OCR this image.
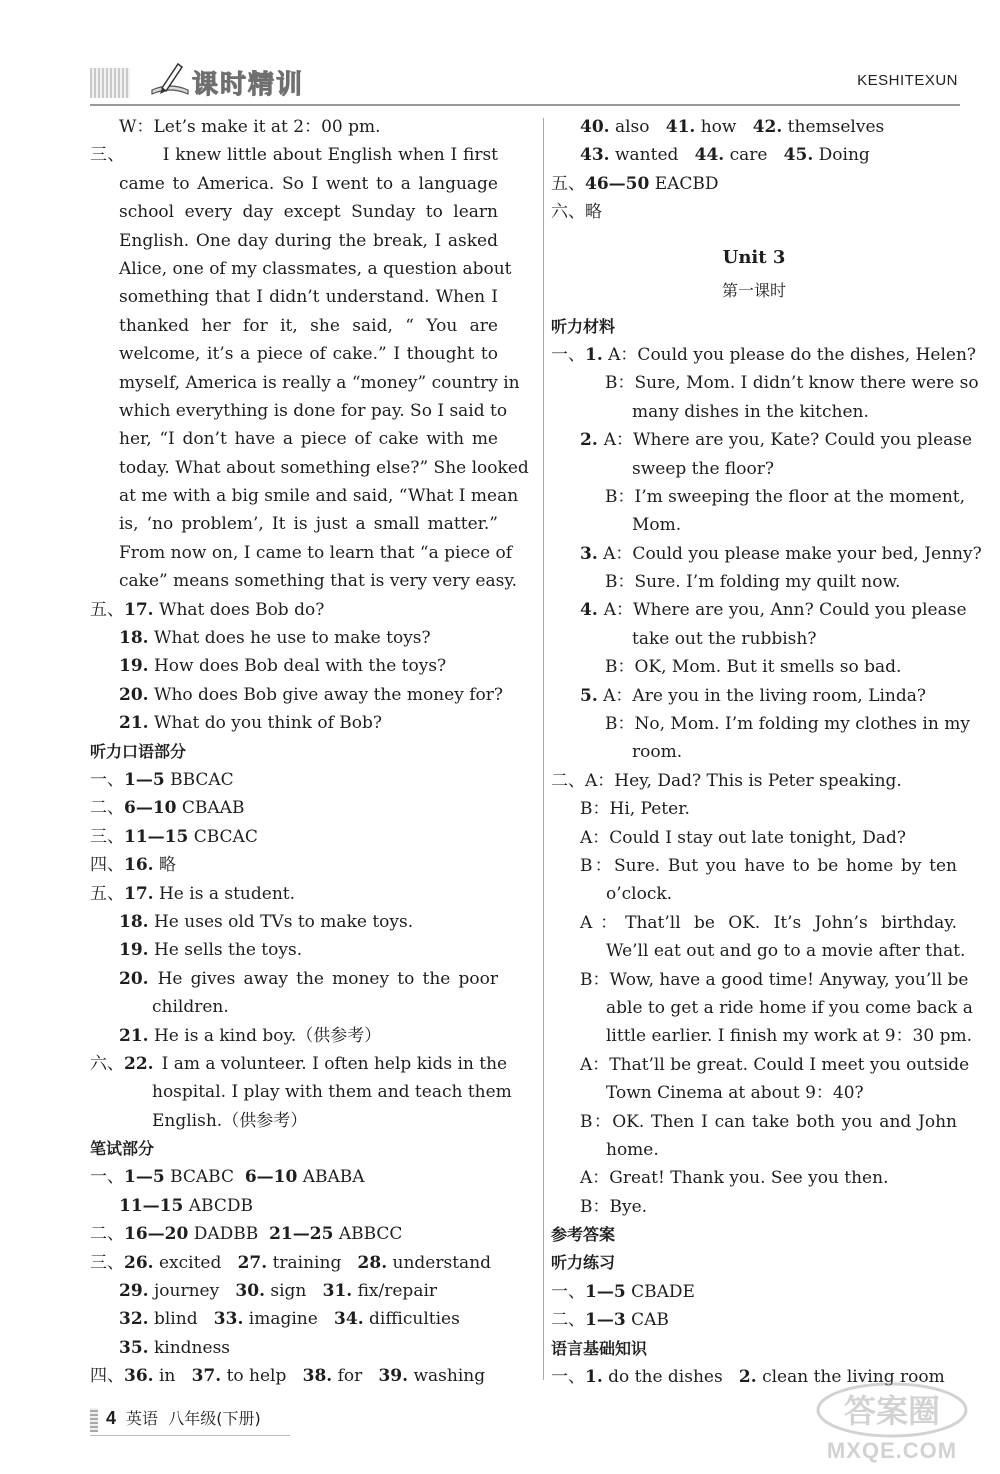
课时精训	KESHITEXUN
W：Let’s make it at 2：00 pm.
三、 I knew little about English when I first
came to America. So I went to a language
school every day except Sunday to learn
English. One day during the break, I asked
Alice, one of my classmates, a question about
something that I didn’t understand. When I
thanked her for it, she said, “ You are
welcome, it’s a piece of cake.” I thought to
myself, America is really a “money” country in
which everything is done for pay. So I said to
her, “I don’t have a piece of cake with me
today. What about something else?” She looked
at me with a big smile and said, “What I mean
is, ‘no problem’, It is just a small matter.”
From now on, I came to learn that “a piece of
cake” means something that is very very easy.
五、17. What does Bob do?
18. What does he use to make toys?
19. How does Bob deal with the toys?
20. Who does Bob give away the money for?
21. What do you think of Bob?
听力口语部分
一、1—5 BBCAC
二、6—10 CBAAB
三、11—15 CBCAC
四、16. 略
五、17. He is a student.
18. He uses old TVs to make toys.
19. He sells the toys.
20. He gives away the money to the poor
children.
21. He is a kind boy.（供参考）
六、 22. I am a volunteer. I often help kids in the
hospital. I play with them and teach them
English.（供参考）
笔试部分
一、1—5 BCABC 6—10 ABABA
11—15 ABCDB
二、16—20 DADBB 21—25 ABBCC
三、26. excited 27. training 28. understand
29. journey 30. sign 31. fix/repair
32. blind 33. imagine 34. difficulties
35. kindness
四、36. in 37. to help 38. for 39. washing
40. also 41. how 42. themselves
43. wanted 44. care 45. Doing
五、46—50 EACBD
六、略
Unit 3
第一课时
听力材料
一、1. A：Could you please do the dishes, Helen?
B：Sure, Mom. I didn’t know there were so
many dishes in the kitchen.
2. A：Where are you, Kate? Could you please
sweep the floor?
B：I’m sweeping the floor at the moment,
Mom.
3. A：Could you please make your bed, Jenny?
B：Sure. I’m folding my quilt now.
4. A：Where are you, Ann? Could you please
take out the rubbish?
B：OK, Mom. But it smells so bad.
5. A：Are you in the living room, Linda?
B：No, Mom. I’m folding my clothes in my
room.
二、A：Hey, Dad? This is Peter speaking.
B：Hi, Peter.
A：Could I stay out late tonight, Dad?
B：Sure. But you have to be home by ten
o’clock.
A：That’ll be OK. It’s John’s birthday.
We’ll eat out and go to a movie after that.
B：Wow, have a good time! Anyway, you’ll be
able to get a ride home if you come back a
little earlier. I finish my work at 9：30 pm.
A：That’ll be great. Could I meet you outside
Town Cinema at about 9：40?
B：OK. Then I can take both you and John
home.
A：Great! Thank you. See you then.
B：Bye.
参考答案
听力练习
一、1—5 CBADE
二、1—3 CAB
语言基础知识
一、1. do the dishes 2. clean the living room
4 英语 八年级(下册)	答案圈
MXQE.COM
